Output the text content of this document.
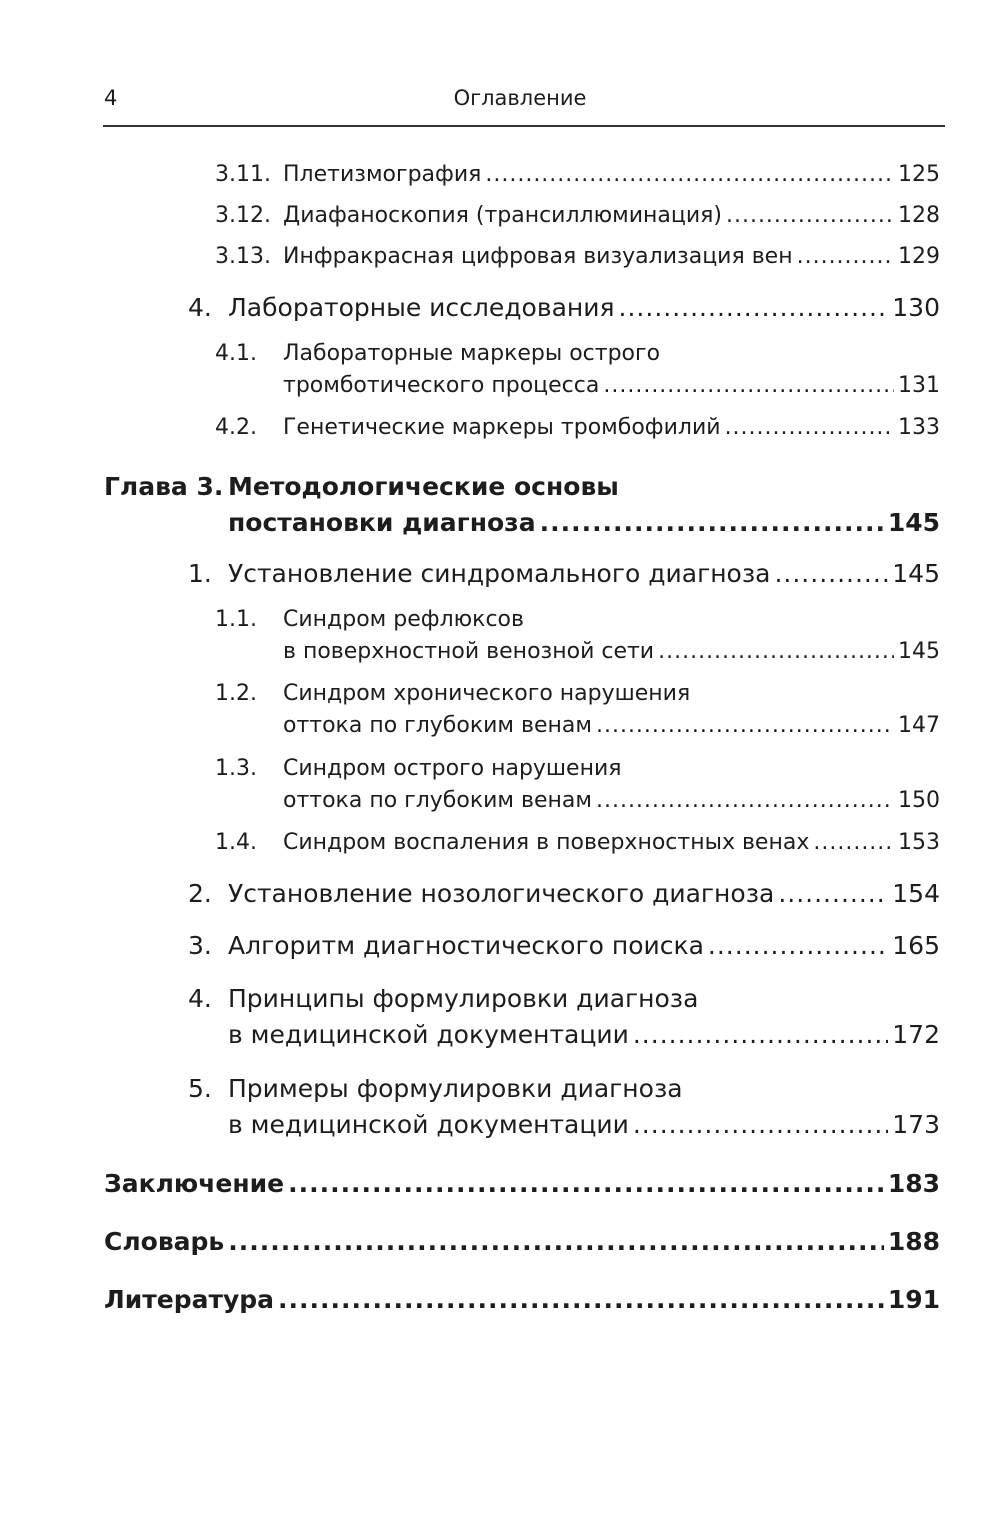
4	Оглавление
3.11. Плетизмография .....	125
3.12. Диафаноскопия (трансиллюминация) .....	128
3.13. Инфракрасная цифровая визуализация вен .....	129
4. Лабораторные исследования .....	130
4.1. Лабораторные маркеры острого
тромботического процесса .....	131
4.2. Генетические маркеры тромбофилий .....	133
Глава 3. Методологические основы
постановки диагноза .....	145
1. Установление синдромального диагноза .....	145
1.1. Синдром рефлюксов
в поверхностной венозной сети .....	145
1.2. Синдром хронического нарушения
оттока по глубоким венам .....	147
1.3. Синдром острого нарушения
оттока по глубоким венам .....	150
1.4. Синдром воспаления в поверхностных венах .....	153
2. Установление нозологического диагноза .....	154
3. Алгоритм диагностического поиска .....	165
4. Принципы формулировки диагноза
в медицинской документации .....	172
5. Примеры формулировки диагноза
в медицинской документации .....	173
Заключение .....	183
Словарь .....	188
Литература .....	191
